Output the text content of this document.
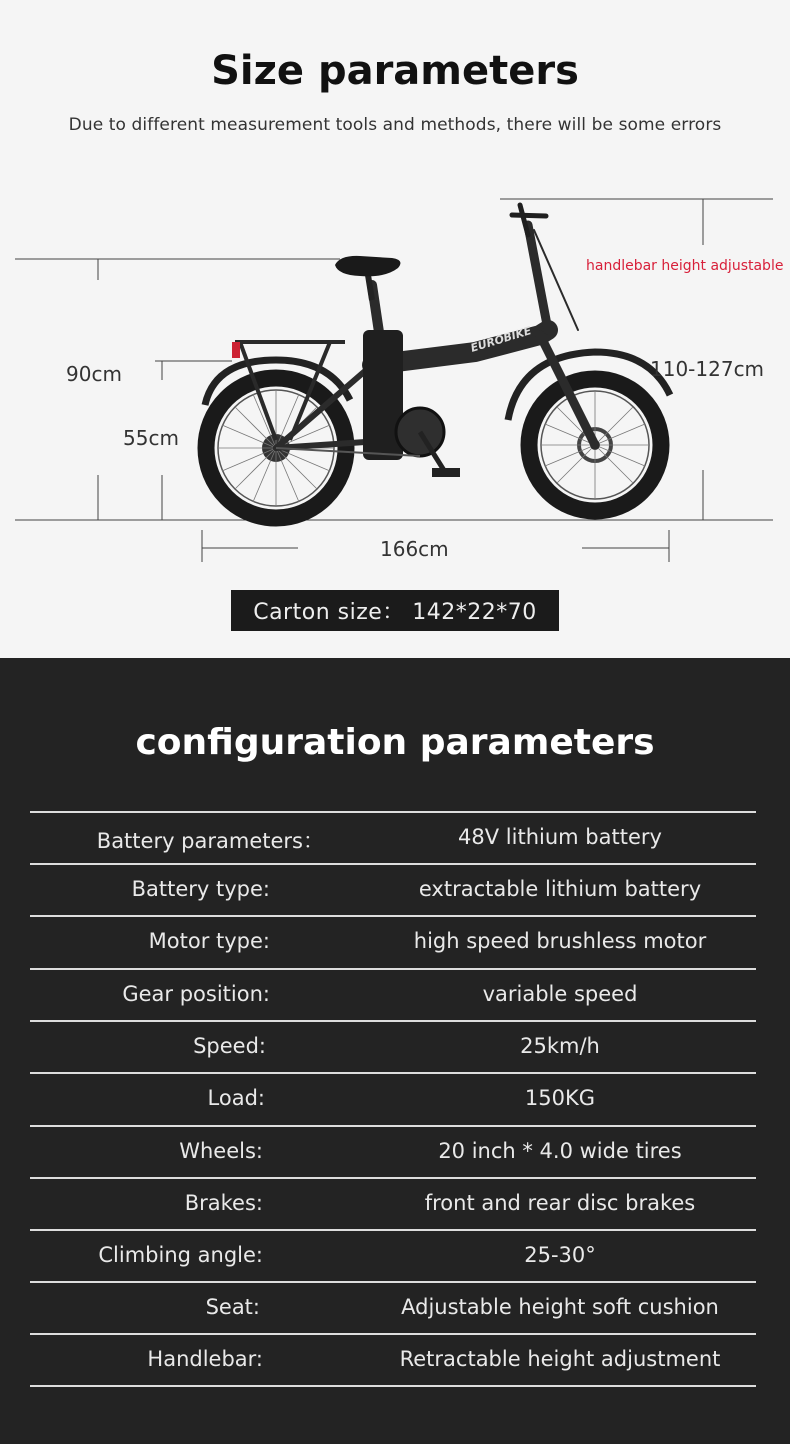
Size parameters
Due to different measurement tools and methods, there will be some errors
EUROBIKE
90cm
55cm
110-127cm
166cm
handlebar height adjustable
Carton size： 142*22*70
configuration parameters
Battery parameters：	48V lithium battery
Battery type:	extractable lithium battery
Motor type:	high speed brushless motor
Gear position:	variable speed
Speed:	25km/h
Load:	150KG
Wheels:	20 inch * 4.0 wide tires
Brakes:	front and rear disc brakes
Climbing angle:	25-30°
Seat:	Adjustable height soft cushion
Handlebar:	Retractable height adjustment
